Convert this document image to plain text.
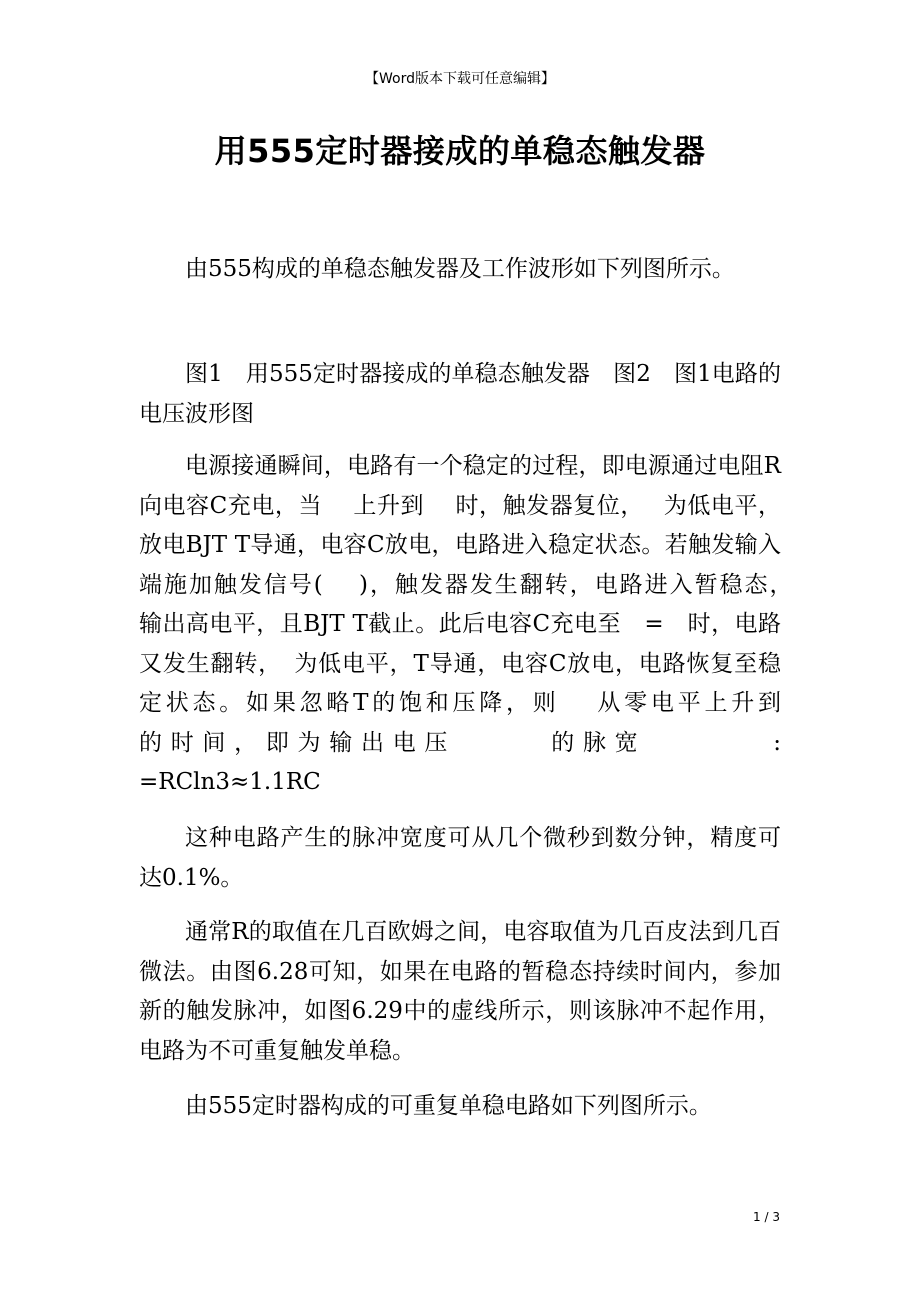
【Word版本下载可任意编辑】
用555定时器接成的单稳态触发器

由555构成的单稳态触发器及工作波形如下列图所示。

图1　用555定时器接成的单稳态触发器　图2　图1电路的电压波形图

电源接通瞬间，电路有一个稳定的过程，即电源通过电阻R向电容C充电，当　 上升到　 时，触发器复位，　 为低电平，放电BJT T导通，电容C放电，电路进入稳定状态。若触发输入端施加触发信号(　 )，触发器发生翻转，电路进入暂稳态，　 输出高电平，且BJT T截止。此后电容C充电至　=　时，电路又发生翻转，　为低电平，T导通，电容C放电，电路恢复至稳定状态。如果忽略T的饱和压降，则　 从零电平上升到　　　的时间，即为输出电压　　　的脉宽　　　　:　=RCln3≈1.1RC

这种电路产生的脉冲宽度可从几个微秒到数分钟，精度可达0.1%。

通常R的取值在几百欧姆之间，电容取值为几百皮法到几百微法。由图6.28可知，如果在电路的暂稳态持续时间内，参加新的触发脉冲，如图6.29中的虚线所示，则该脉冲不起作用，电路为不可重复触发单稳。

由555定时器构成的可重复单稳电路如下列图所示。

1 / 3
